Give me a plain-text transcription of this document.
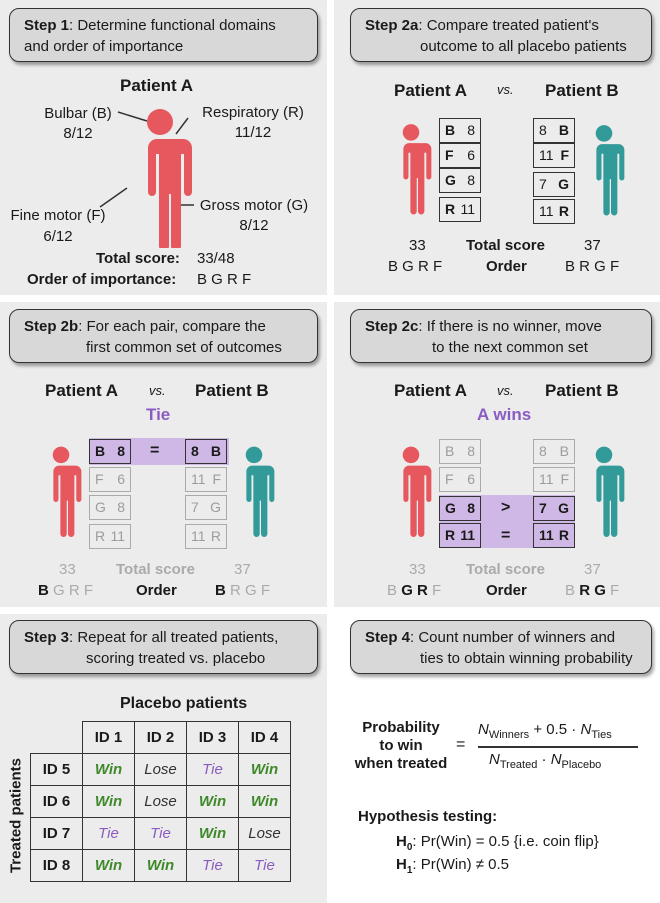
Step 1: Determine functional domains
and order of importance
Patient A
Bulbar (B)
8/12
Respiratory (R)
11/12
Fine motor (F)
6/12
Gross motor (G)
8/12
Total score: 33/48
Order of importance: B G R F
Step 2a: Compare treated patient's
outcome to all placebo patients
Patient A vs. Patient B
B 8
F 6
G 8
R 11
8 B
11 F
7 G
11 R
33	Total score	37
B G R F	Order	B R G F
Step 2b: For each pair, compare the
first common set of outcomes
Patient A vs. Patient B
Tie
=
B 8
F 6
G 8
R 11
8 B
11 F
7 G
11 R
33	Total score	37
B G R F	Order	B R G F
Step 2c: If there is no winner, move
to the next common set
Patient A vs. Patient B
A wins
>
=
B 8
F 6
G 8
R 11
8 B
11 F
7 G
11 R
33	Total score	37
B G R F	Order	B R G F
Step 3: Repeat for all treated patients,
scoring treated vs. placebo
Placebo patients
Treated patients
	ID 1	ID 2	ID 3	ID 4
ID 5	Win	Lose	Tie	Win
ID 6	Win	Lose	Win	Win
ID 7	Tie	Tie	Win	Lose
ID 8	Win	Win	Tie	Tie
Step 4: Count number of winners and
ties to obtain winning probability
Probability
to win
when treated
=
$N_{Winners} + 0.5 \cdot N_{Ties}$
$N_{Treated} \cdot N_{Placebo}$
Hypothesis testing:
$H_0$: Pr(Win) = 0.5 {i.e. coin flip}
$H_1$: Pr(Win) ≠ 0.5
